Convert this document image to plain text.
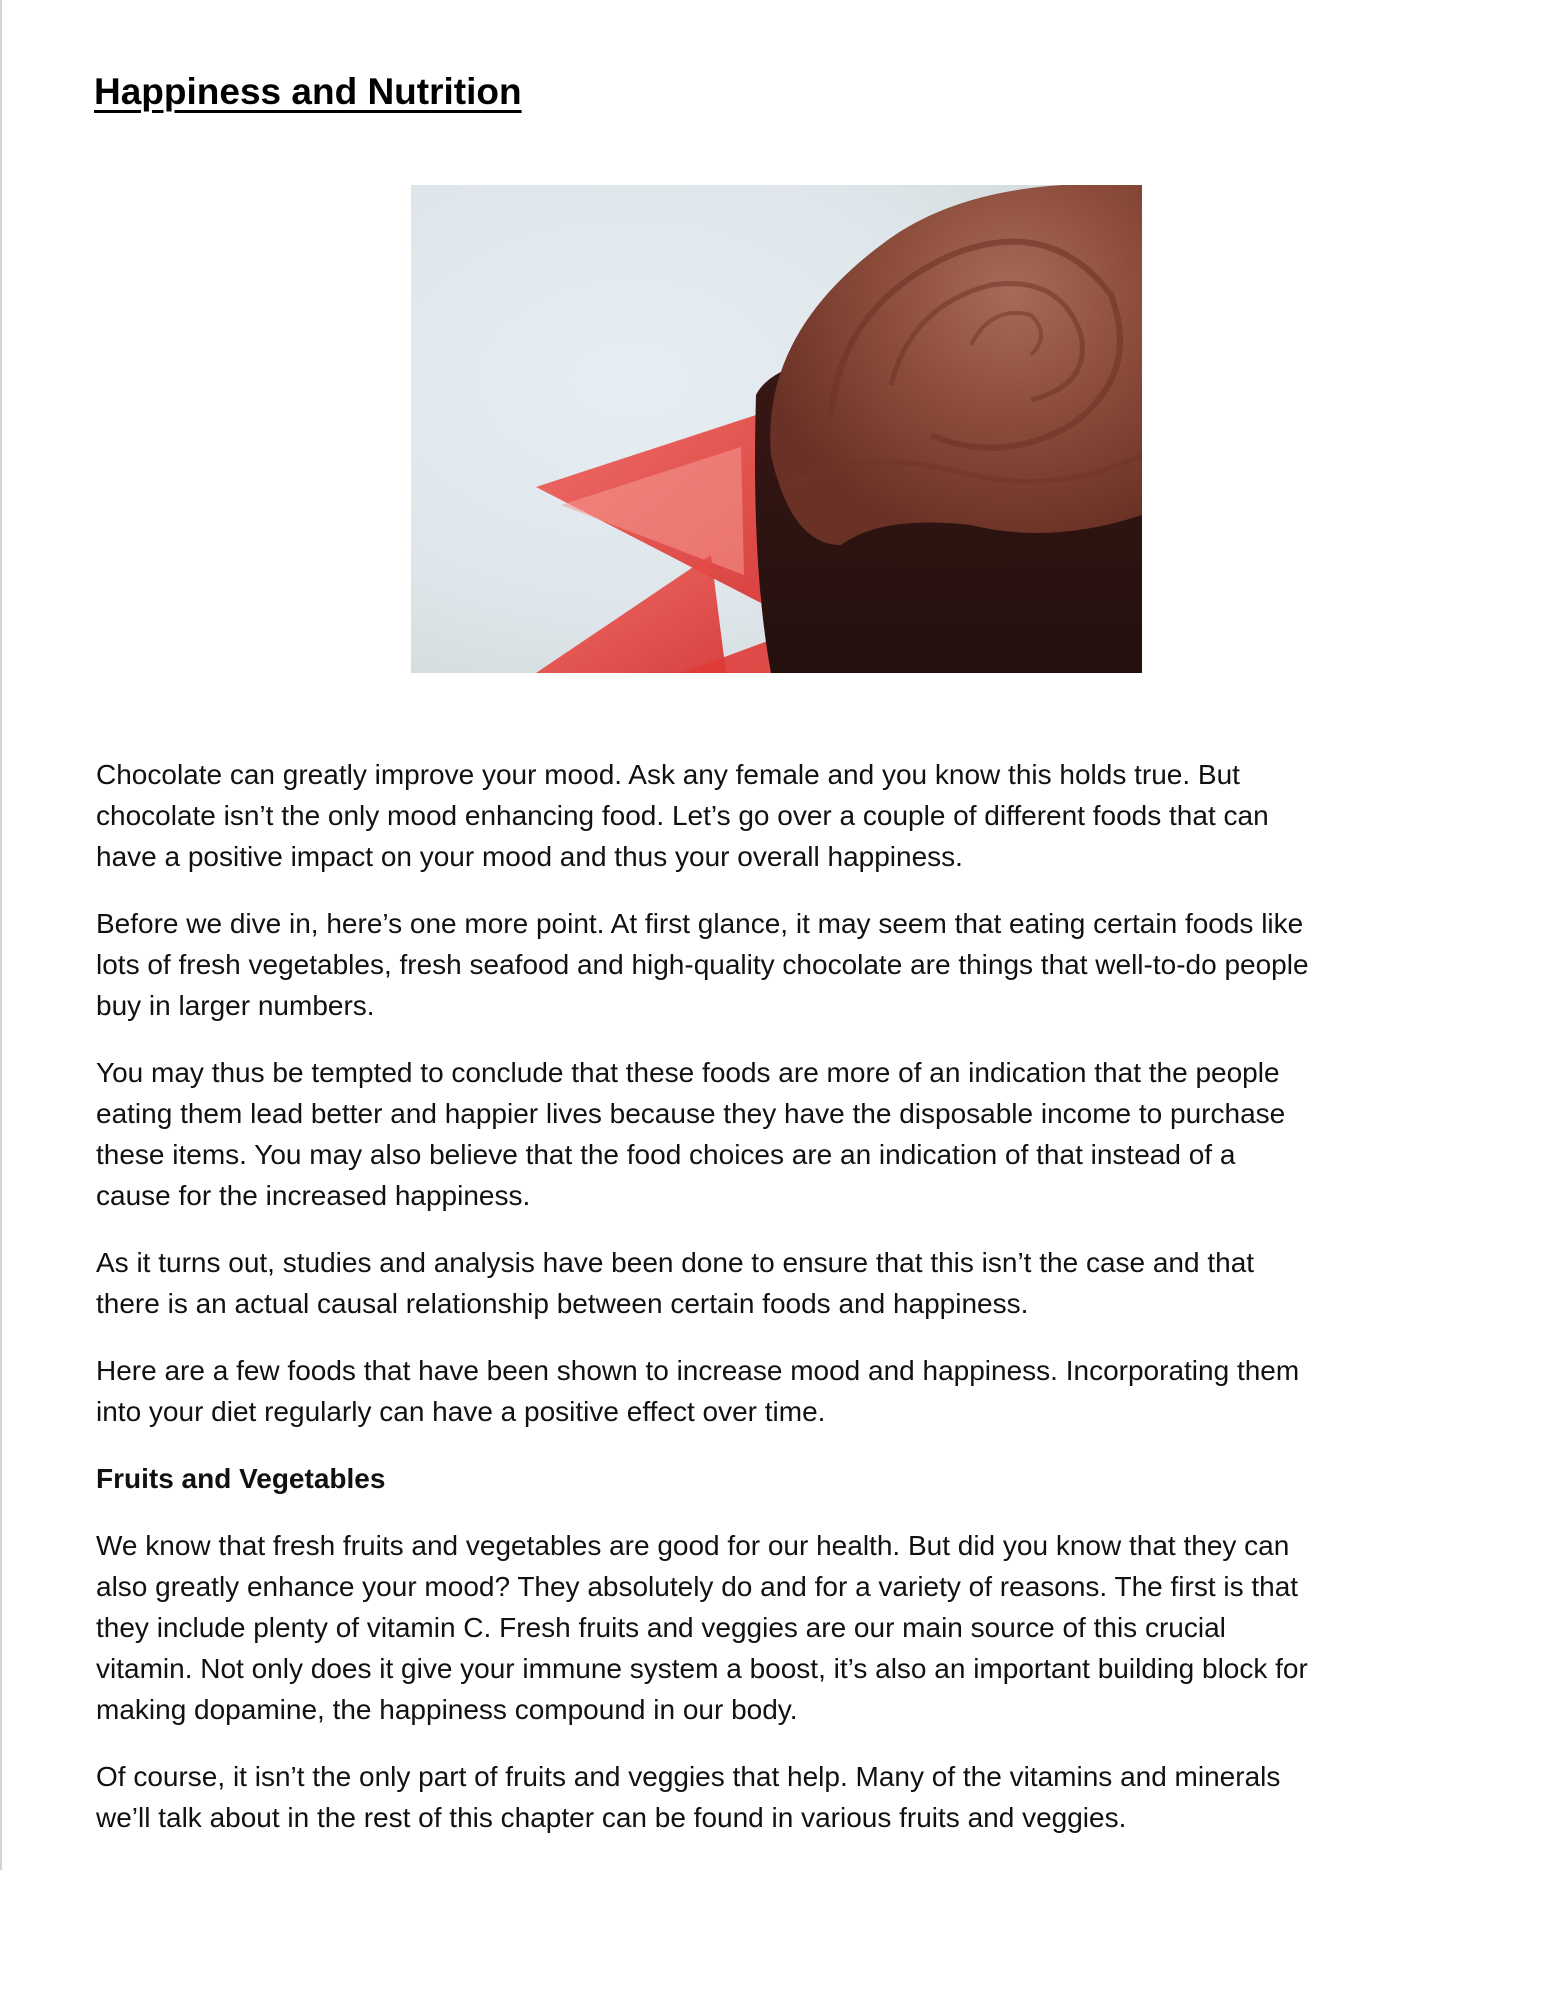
Happiness and Nutrition

Chocolate can greatly improve your mood. Ask any female and you know this holds true. But
chocolate isn’t the only mood enhancing food. Let’s go over a couple of different foods that can
have a positive impact on your mood and thus your overall happiness.

Before we dive in, here’s one more point. At first glance, it may seem that eating certain foods like
lots of fresh vegetables, fresh seafood and high-quality chocolate are things that well-to-do people
buy in larger numbers.

You may thus be tempted to conclude that these foods are more of an indication that the people
eating them lead better and happier lives because they have the disposable income to purchase
these items. You may also believe that the food choices are an indication of that instead of a
cause for the increased happiness.

As it turns out, studies and analysis have been done to ensure that this isn’t the case and that
there is an actual causal relationship between certain foods and happiness.

Here are a few foods that have been shown to increase mood and happiness. Incorporating them
into your diet regularly can have a positive effect over time.

Fruits and Vegetables

We know that fresh fruits and vegetables are good for our health. But did you know that they can
also greatly enhance your mood? They absolutely do and for a variety of reasons. The first is that
they include plenty of vitamin C. Fresh fruits and veggies are our main source of this crucial
vitamin. Not only does it give your immune system a boost, it’s also an important building block for
making dopamine, the happiness compound in our body.

Of course, it isn’t the only part of fruits and veggies that help. Many of the vitamins and minerals
we’ll talk about in the rest of this chapter can be found in various fruits and veggies.
